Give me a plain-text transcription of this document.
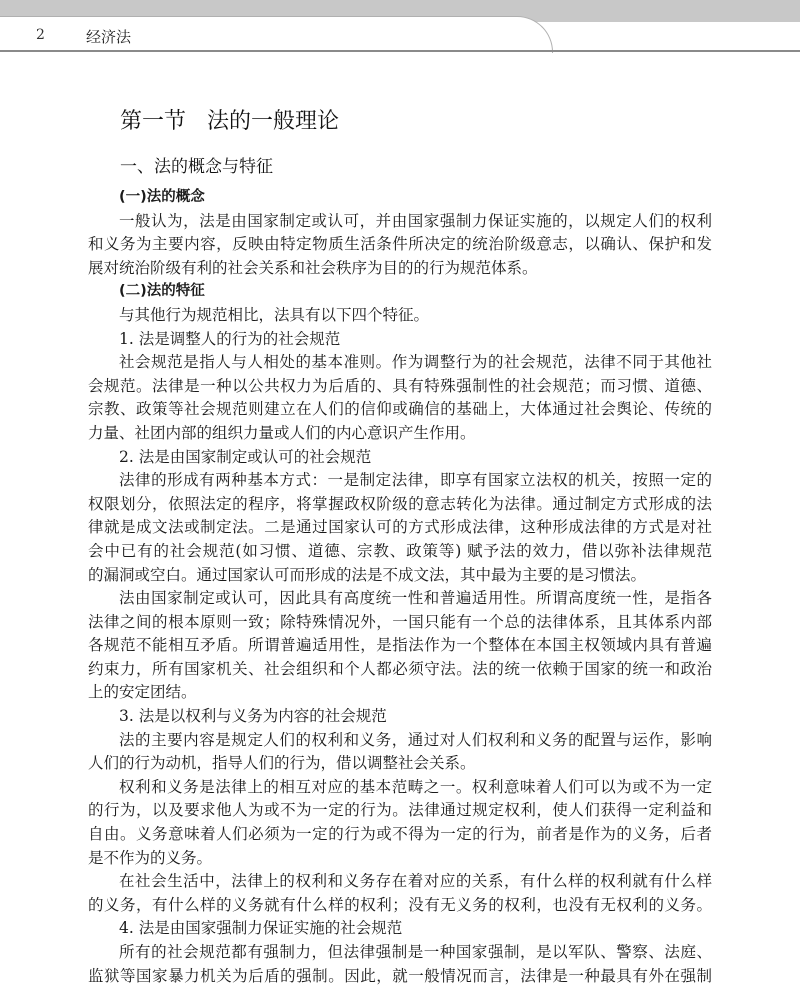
2	经济法
第一节   法的一般理论
一、法的概念与特征
(一)法的概念
一般认为，法是由国家制定或认可，并由国家强制力保证实施的，以规定人们的权利
和义务为主要内容，反映由特定物质生活条件所决定的统治阶级意志，以确认、保护和发
展对统治阶级有利的社会关系和社会秩序为目的的行为规范体系。
(二)法的特征
与其他行为规范相比，法具有以下四个特征。
1. 法是调整人的行为的社会规范
社会规范是指人与人相处的基本准则。作为调整行为的社会规范，法律不同于其他社
会规范。法律是一种以公共权力为后盾的、具有特殊强制性的社会规范；而习惯、道德、
宗教、政策等社会规范则建立在人们的信仰或确信的基础上，大体通过社会舆论、传统的
力量、社团内部的组织力量或人们的内心意识产生作用。
2. 法是由国家制定或认可的社会规范
法律的形成有两种基本方式：一是制定法律，即享有国家立法权的机关，按照一定的
权限划分，依照法定的程序，将掌握政权阶级的意志转化为法律。通过制定方式形成的法
律就是成文法或制定法。二是通过国家认可的方式形成法律，这种形成法律的方式是对社
会中已有的社会规范(如习惯、道德、宗教、政策等) 赋予法的效力，借以弥补法律规范
的漏洞或空白。通过国家认可而形成的法是不成文法，其中最为主要的是习惯法。
法由国家制定或认可，因此具有高度统一性和普遍适用性。所谓高度统一性，是指各
法律之间的根本原则一致；除特殊情况外，一国只能有一个总的法律体系，且其体系内部
各规范不能相互矛盾。所谓普遍适用性，是指法作为一个整体在本国主权领域内具有普遍
约束力，所有国家机关、社会组织和个人都必须守法。法的统一依赖于国家的统一和政治
上的安定团结。
3. 法是以权利与义务为内容的社会规范
法的主要内容是规定人们的权利和义务，通过对人们权利和义务的配置与运作，影响
人们的行为动机，指导人们的行为，借以调整社会关系。
权利和义务是法律上的相互对应的基本范畴之一。权利意味着人们可以为或不为一定
的行为，以及要求他人为或不为一定的行为。法律通过规定权利，使人们获得一定利益和
自由。义务意味着人们必须为一定的行为或不得为一定的行为，前者是作为的义务，后者
是不作为的义务。
在社会生活中，法律上的权利和义务存在着对应的关系，有什么样的权利就有什么样
的义务，有什么样的义务就有什么样的权利；没有无义务的权利，也没有无权利的义务。
4. 法是由国家强制力保证实施的社会规范
所有的社会规范都有强制力，但法律强制是一种国家强制，是以军队、警察、法庭、
监狱等国家暴力机关为后盾的强制。因此，就一般情况而言，法律是一种最具有外在强制
